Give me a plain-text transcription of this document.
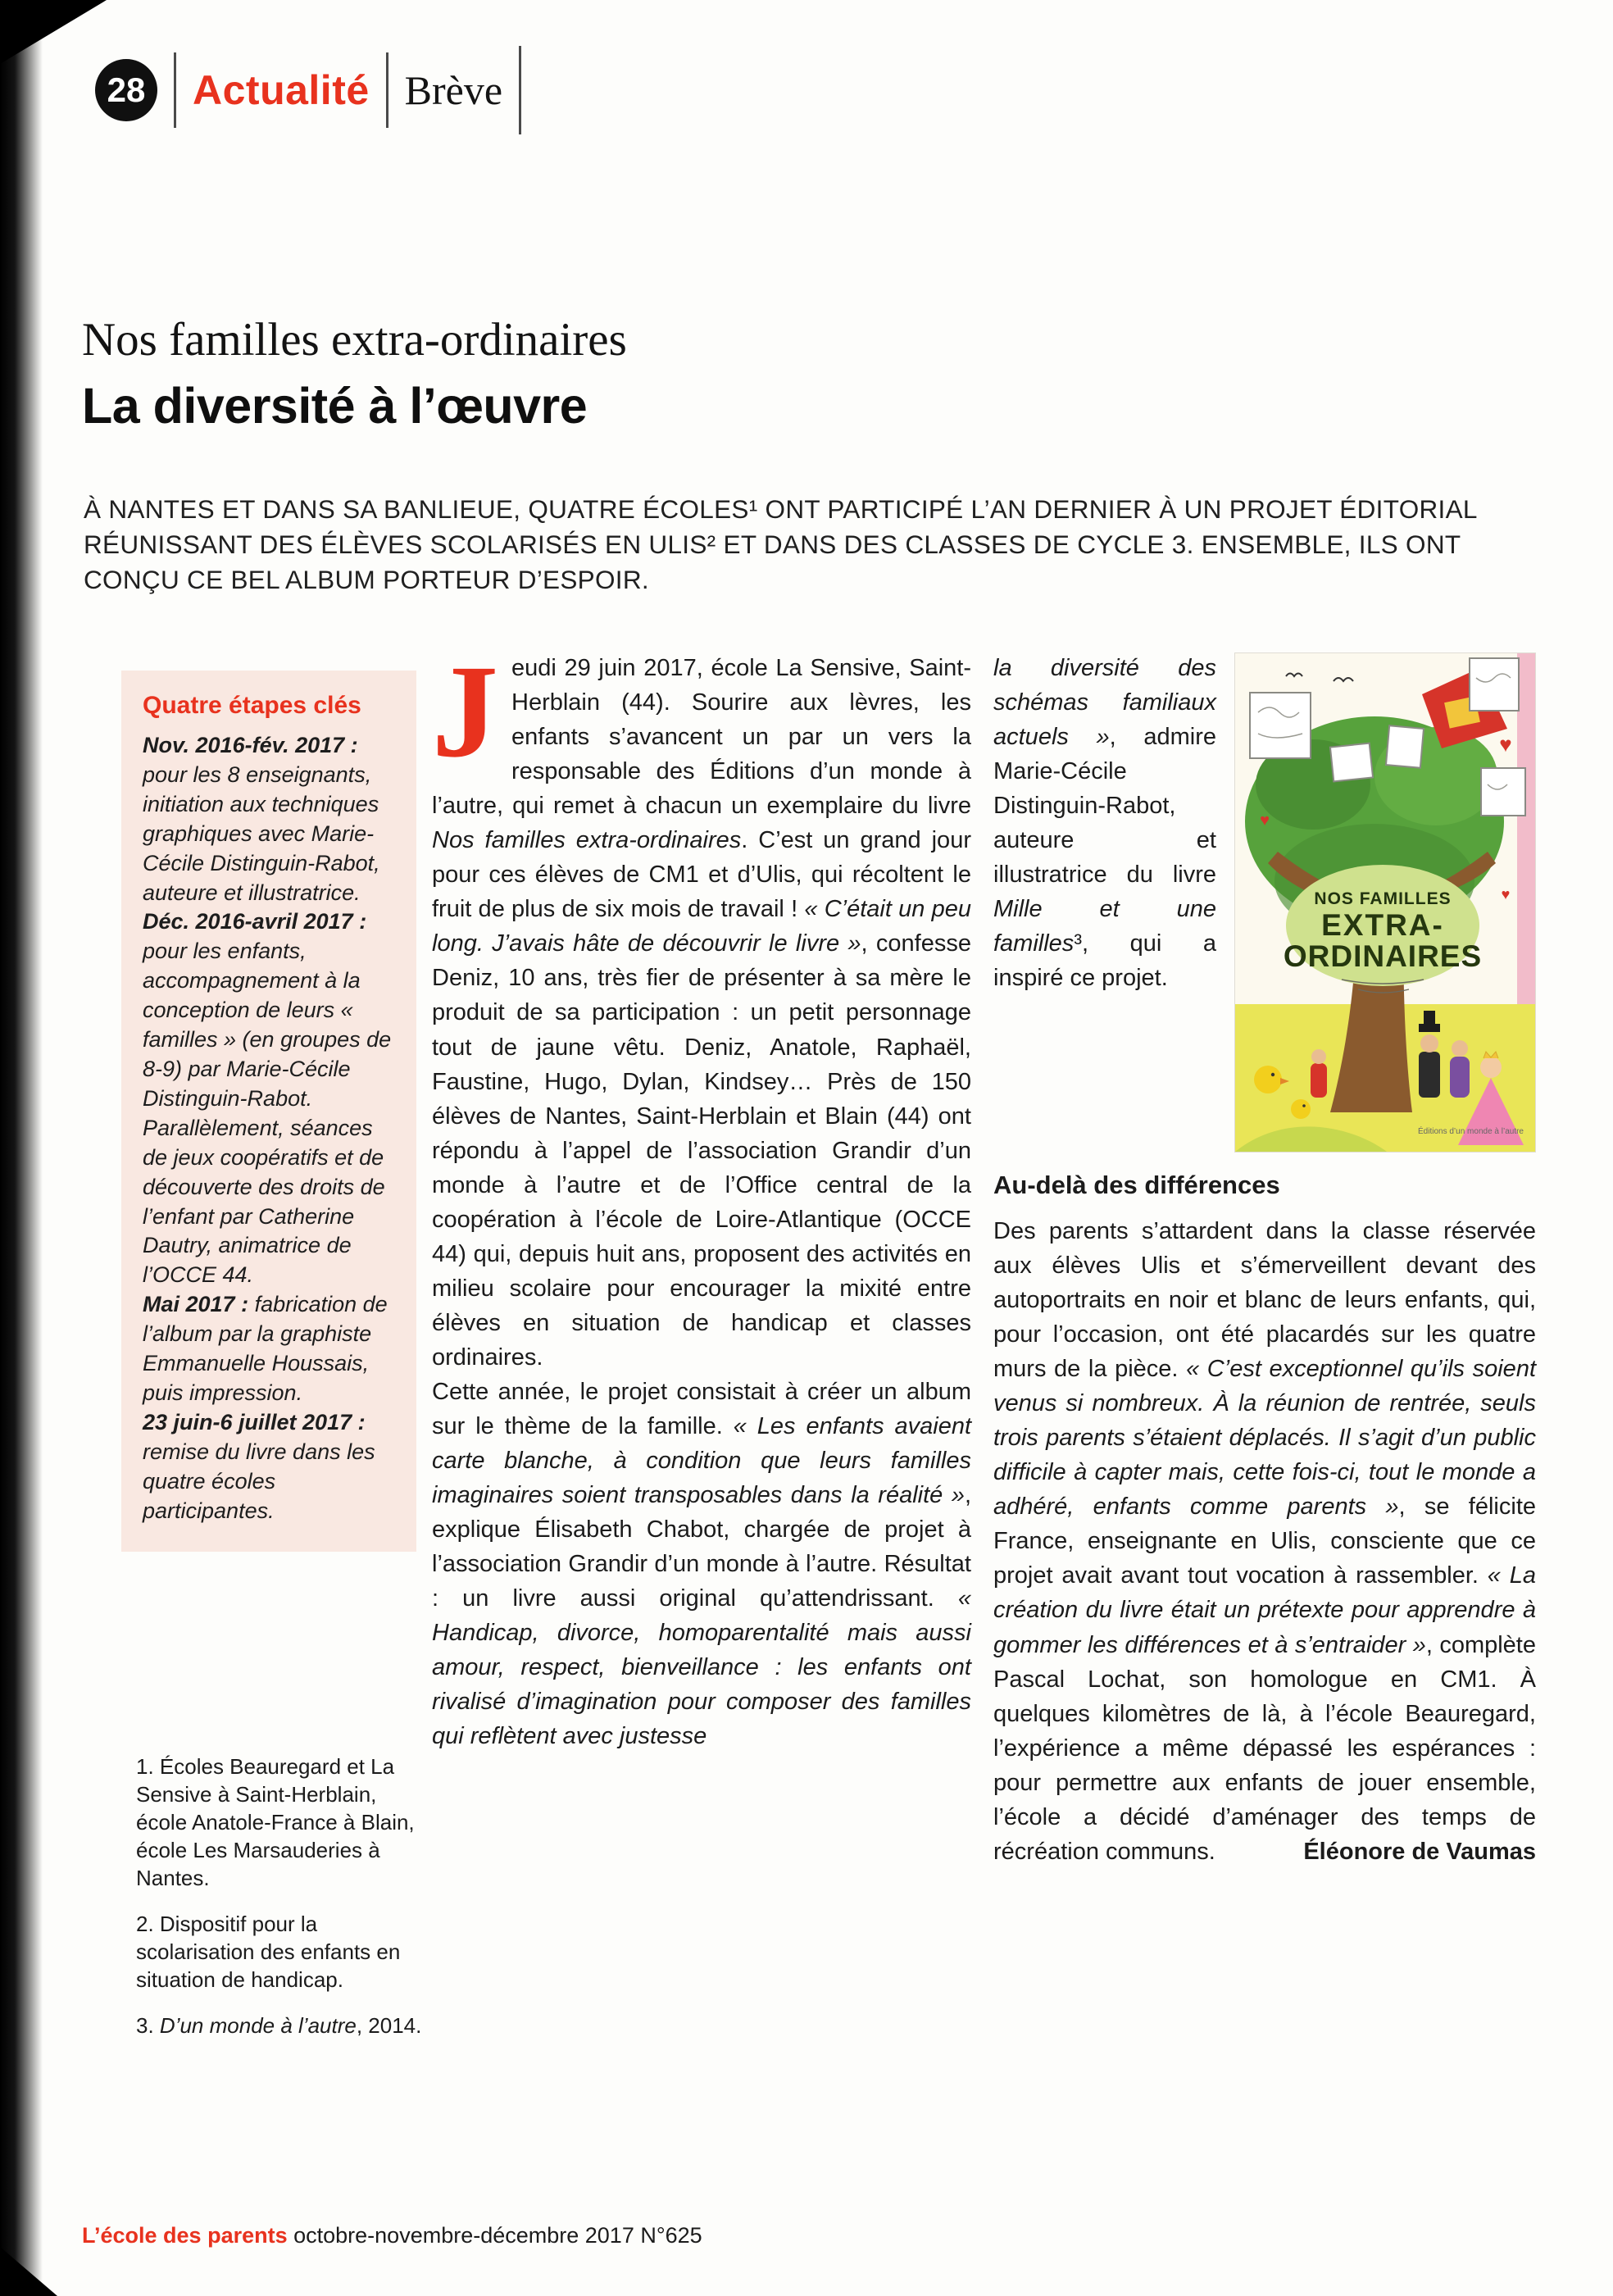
28 Actualité Brève
Nos familles extra-ordinaires
La diversité à l’œuvre
À NANTES ET DANS SA BANLIEUE, QUATRE ÉCOLES¹ ONT PARTICIPÉ L’AN DERNIER À UN PROJET ÉDITORIAL RÉUNISSANT DES ÉLÈVES SCOLARISÉS EN ULIS² ET DANS DES CLASSES DE CYCLE 3. ENSEMBLE, ILS ONT CONÇU CE BEL ALBUM PORTEUR D’ESPOIR.
Quatre étapes clés

Nov. 2016-fév. 2017 : pour les 8 enseignants, initiation aux techniques graphiques avec Marie-Cécile Distinguin-Rabot, auteure et illustratrice.

Déc. 2016-avril 2017 : pour les enfants, accompagnement à la conception de leurs « familles » (en groupes de 8-9) par Marie-Cécile Distinguin-Rabot. Parallèlement, séances de jeux coopératifs et de découverte des droits de l’enfant par Catherine Dautry, animatrice de l’OCCE 44.

Mai 2017 : fabrication de l’album par la graphiste Emmanuelle Houssais, puis impression.

23 juin-6 juillet 2017 : remise du livre dans les quatre écoles participantes.

1. Écoles Beauregard et La Sensive à Saint-Herblain, école Anatole-France à Blain, école Les Marsauderies à Nantes.

2. Dispositif pour la scolarisation des enfants en situation de handicap.

3. D’un monde à l’autre, 2014.

Jeudi 29 juin 2017, école La Sensive, Saint-Herblain (44). Sourire aux lèvres, les enfants s’avancent un par un vers la responsable des Éditions d’un monde à l’autre, qui remet à chacun un exemplaire du livre Nos familles extra-ordinaires. C’est un grand jour pour ces élèves de CM1 et d’Ulis, qui récoltent le fruit de plus de six mois de travail ! « C’était un peu long. J’avais hâte de découvrir le livre », confesse Deniz, 10 ans, très fier de présenter à sa mère le produit de sa participation : un petit personnage tout de jaune vêtu. Deniz, Anatole, Raphaël, Faustine, Hugo, Dylan, Kindsey… Près de 150 élèves de Nantes, Saint-Herblain et Blain (44) ont répondu à l’appel de l’association Grandir d’un monde à l’autre et de l’Office central de la coopération à l’école de Loire-Atlantique (OCCE 44) qui, depuis huit ans, proposent des activités en milieu scolaire pour encourager la mixité entre élèves en situation de handicap et classes ordinaires.

Cette année, le projet consistait à créer un album sur le thème de la famille. « Les enfants avaient carte blanche, à condition que leurs familles imaginaires soient transposables dans la réalité », explique Élisabeth Chabot, chargée de projet à l’association Grandir d’un monde à l’autre. Résultat : un livre aussi original qu’attendrissant. « Handicap, divorce, homoparentalité mais aussi amour, respect, bienveillance : les enfants ont rivalisé d’imagination pour composer des familles qui reflètent avec justesse

NOS FAMILLES
EXTRA-
ORDINAIRES
♥
♥
♥
Éditions d’un monde à l’autre

la diversité des schémas familiaux actuels », admire Marie-Cécile Distinguin-Rabot, auteure et illustratrice du livre Mille et une familles³, qui a inspiré ce projet.

Au-delà des différences

Des parents s’attardent dans la classe réservée aux élèves Ulis et s’émerveillent devant des autoportraits en noir et blanc de leurs enfants, qui, pour l’occasion, ont été placardés sur les quatre murs de la pièce. « C’est exceptionnel qu’ils soient venus si nombreux. À la réunion de rentrée, seuls trois parents s’étaient déplacés. Il s’agit d’un public difficile à capter mais, cette fois-ci, tout le monde a adhéré, enfants comme parents », se félicite France, enseignante en Ulis, consciente que ce projet avait avant tout vocation à rassembler. « La création du livre était un prétexte pour apprendre à gommer les différences et à s’entraider », complète Pascal Lochat, son homologue en CM1. À quelques kilomètres de là, à l’école Beauregard, l’expérience a même dépassé les espérances : pour permettre aux enfants de jouer ensemble, l’école a décidé d’aménager des temps de récréation communs.	Éléonore de Vaumas
L’école des parents octobre-novembre-décembre 2017 N°625
